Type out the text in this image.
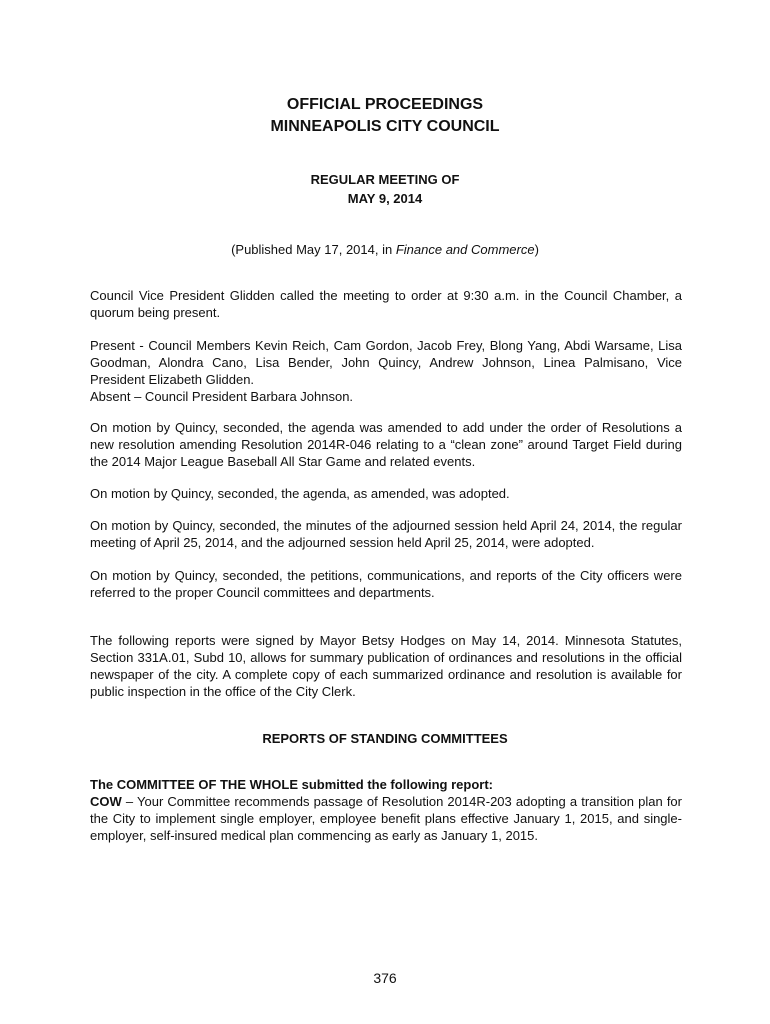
OFFICIAL PROCEEDINGS
MINNEAPOLIS CITY COUNCIL
REGULAR MEETING OF
MAY 9, 2014
(Published May 17, 2014, in Finance and Commerce)

Council Vice President Glidden called the meeting to order at 9:30 a.m. in the Council Chamber, a quorum being present.

Present - Council Members Kevin Reich, Cam Gordon, Jacob Frey, Blong Yang, Abdi Warsame, Lisa Goodman, Alondra Cano, Lisa Bender, John Quincy, Andrew Johnson, Linea Palmisano, Vice President Elizabeth Glidden.

Absent – Council President Barbara Johnson.

On motion by Quincy, seconded, the agenda was amended to add under the order of Resolutions a new resolution amending Resolution 2014R-046 relating to a “clean zone” around Target Field during the 2014 Major League Baseball All Star Game and related events.

On motion by Quincy, seconded, the agenda, as amended, was adopted.

On motion by Quincy, seconded, the minutes of the adjourned session held April 24, 2014, the regular meeting of April 25, 2014, and the adjourned session held April 25, 2014, were adopted.

On motion by Quincy, seconded, the petitions, communications, and reports of the City officers were referred to the proper Council committees and departments.

The following reports were signed by Mayor Betsy Hodges on May 14, 2014. Minnesota Statutes, Section 331A.01, Subd 10, allows for summary publication of ordinances and resolutions in the official newspaper of the city. A complete copy of each summarized ordinance and resolution is available for public inspection in the office of the City Clerk.

REPORTS OF STANDING COMMITTEES

The COMMITTEE OF THE WHOLE submitted the following report:

COW – Your Committee recommends passage of Resolution 2014R-203 adopting a transition plan for the City to implement single employer, employee benefit plans effective January 1, 2015, and single-employer, self-insured medical plan commencing as early as January 1, 2015.

376
